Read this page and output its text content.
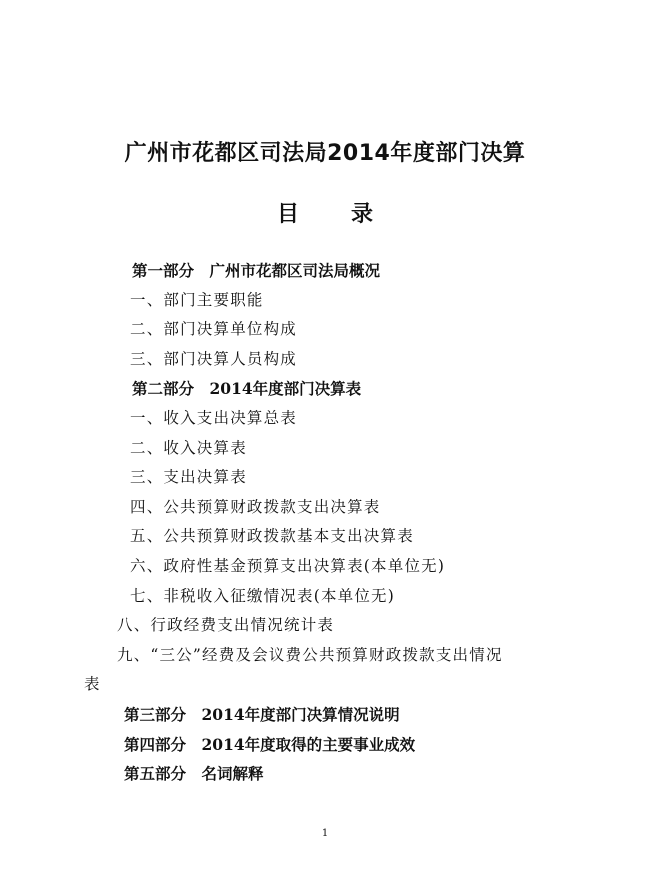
广州市花都区司法局2014年度部门决算
目 录
第一部分　广州市花都区司法局概况
一、部门主要职能
二、部门决算单位构成
三、部门决算人员构成
第二部分　2014年度部门决算表
一、收入支出决算总表
二、收入决算表
三、支出决算表
四、公共预算财政拨款支出决算表
五、公共预算财政拨款基本支出决算表
六、政府性基金预算支出决算表(本单位无)
七、非税收入征缴情况表(本单位无)
八、行政经费支出情况统计表
九、“三公”经费及会议费公共预算财政拨款支出情况
表
第三部分　2014年度部门决算情况说明
第四部分　2014年度取得的主要事业成效
第五部分　名词解释
1
